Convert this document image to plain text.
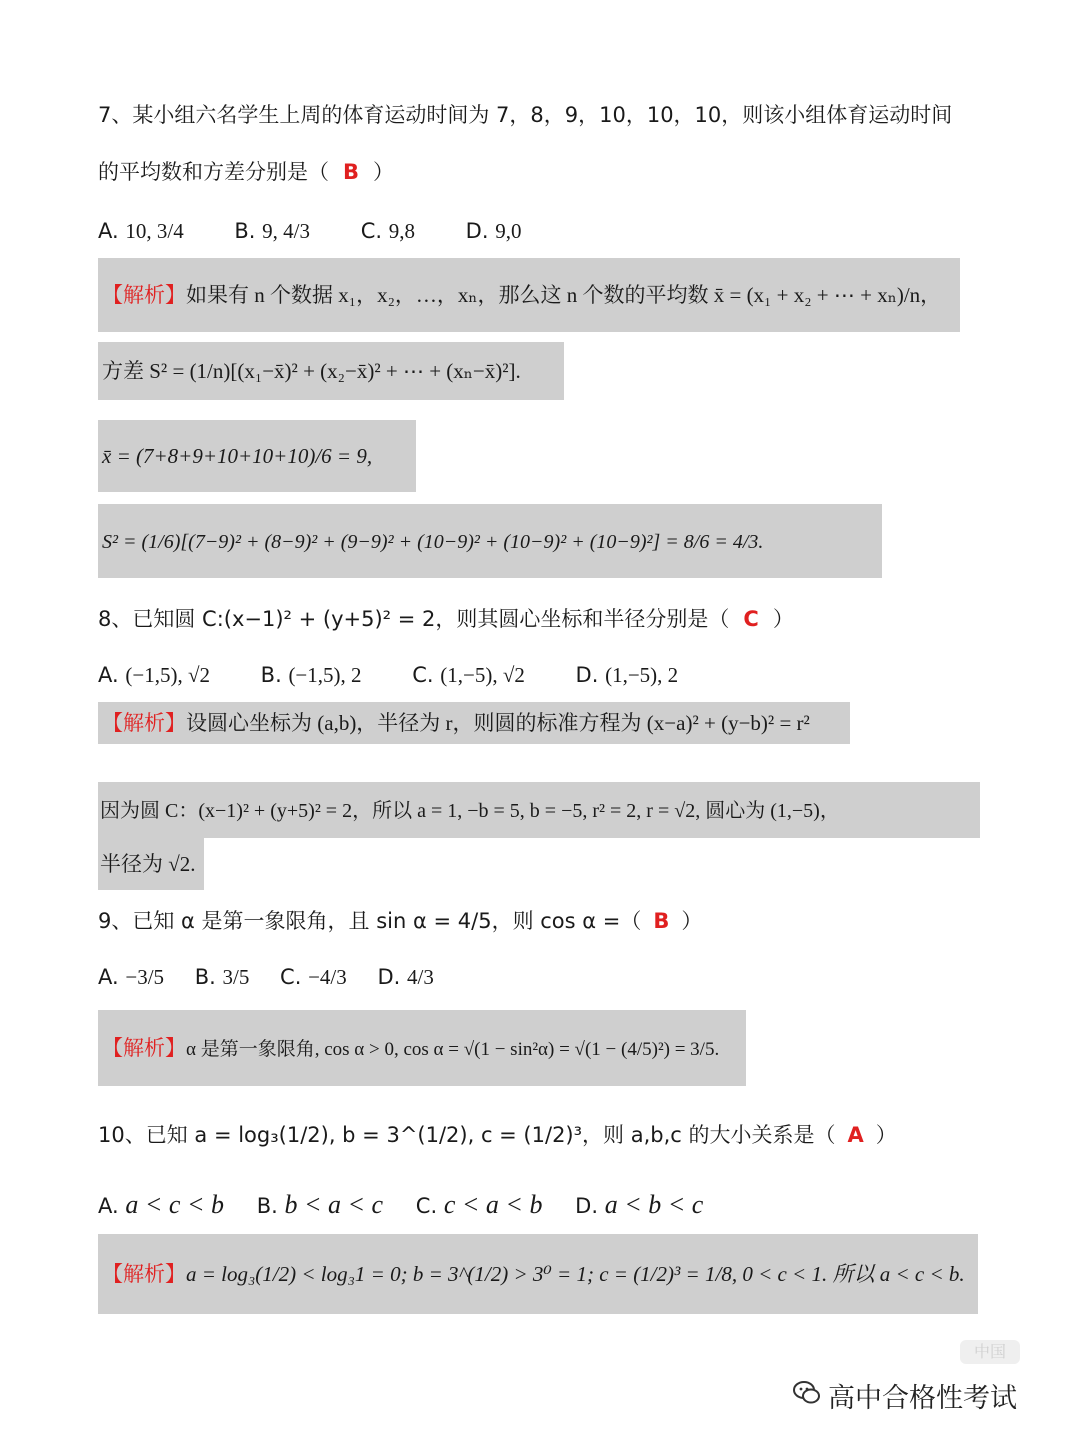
7、某小组六名学生上周的体育运动时间为 7，8，9，10，10，10，则该小组体育运动时间
的平均数和方差分别是（ B ）
A. 10, 3/4 B. 9, 4/3 C. 9,8 D. 9,0
【解析】如果有 n 个数据 x₁，x₂，…，xₙ，那么这 n 个数的平均数 x̄ = (x₁ + x₂ + ⋯ + xₙ)/n，
方差 S² = (1/n)[(x₁−x̄)² + (x₂−x̄)² + ⋯ + (xₙ−x̄)²].
x̄ = (7+8+9+10+10+10)/6 = 9,
S² = (1/6)[(7−9)² + (8−9)² + (9−9)² + (10−9)² + (10−9)² + (10−9)²] = 8/6 = 4/3.
8、已知圆 C:(x−1)² + (y+5)² = 2，则其圆心坐标和半径分别是（ C ）
A. (−1,5), √2 B. (−1,5), 2 C. (1,−5), √2 D. (1,−5), 2
【解析】设圆心坐标为 (a,b)，半径为 r，则圆的标准方程为 (x−a)² + (y−b)² = r²
因为圆 C：(x−1)² + (y+5)² = 2，所以 a = 1, −b = 5, b = −5, r² = 2, r = √2, 圆心为 (1,−5)，
半径为 √2.
9、已知 α 是第一象限角，且 sin α = 4/5，则 cos α =（ B ）
A. −3/5 B. 3/5 C. −4/3 D. 4/3
【解析】α 是第一象限角, cos α > 0, cos α = √(1 − sin²α) = √(1 − (4/5)²) = 3/5.
10、已知 a = log₃(1/2), b = 3^(1/2), c = (1/2)³，则 a,b,c 的大小关系是（ A ）
A. a < c < b B. b < a < c C. c < a < b D. a < b < c
【解析】a = log₃(1/2) < log₃1 = 0; b = 3^(1/2) > 3⁰ = 1; c = (1/2)³ = 1/8, 0 < c < 1. 所以 a < c < b.
中国
高中合格性考试
